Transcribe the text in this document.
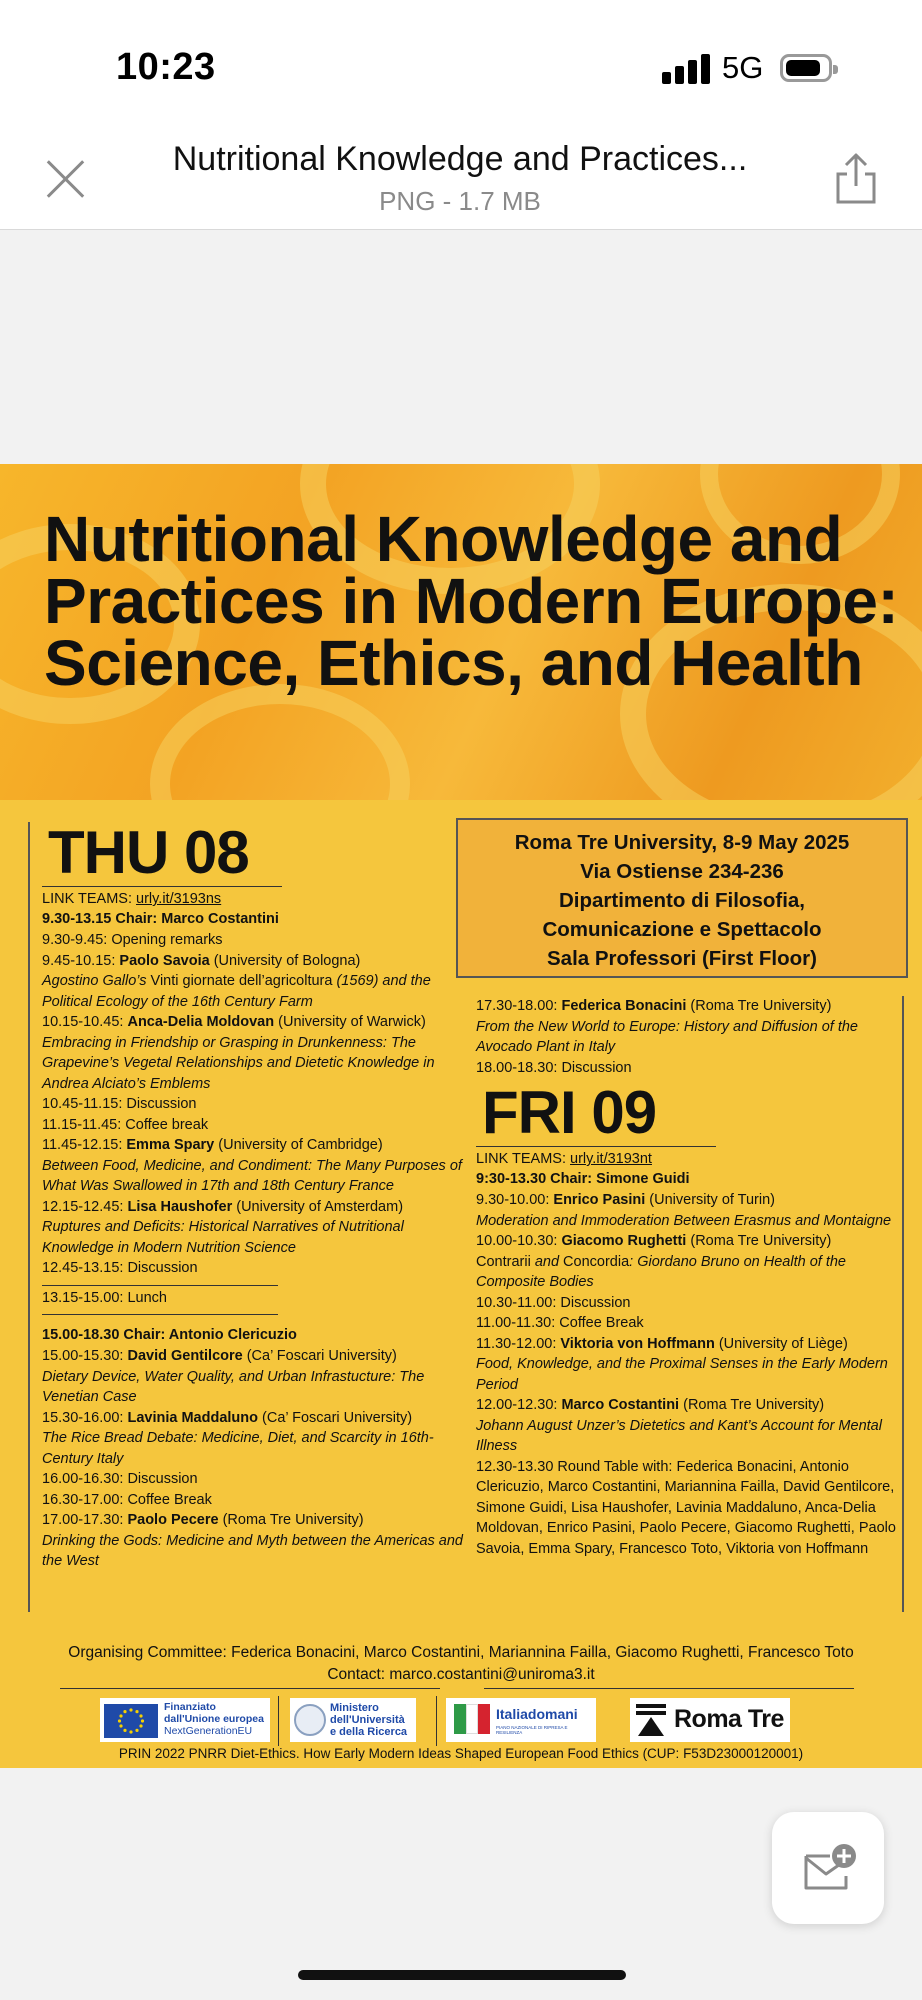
10:23	5G
Nutritional Knowledge and Practices...
PNG - 1.7 MB
Nutritional Knowledge and Practices in Modern Europe: Science, Ethics, and Health
THU 08
LINK TEAMS: urly.it/3193ns
9.30-13.15 Chair: Marco Costantini
9.30-9.45: Opening remarks
9.45-10.15: Paolo Savoia (University of Bologna)
Agostino Gallo’s Vinti giornate dell’agricoltura (1569) and the Political Ecology of the 16th Century Farm
10.15-10.45: Anca-Delia Moldovan (University of Warwick)
Embracing in Friendship or Grasping in Drunkenness: The Grapevine’s Vegetal Relationships and Dietetic Knowledge in Andrea Alciato’s Emblems
10.45-11.15: Discussion
11.15-11.45: Coffee break
11.45-12.15: Emma Spary (University of Cambridge)
Between Food, Medicine, and Condiment: The Many Purposes of What Was Swallowed in 17th and 18th Century France
12.15-12.45: Lisa Haushofer (University of Amsterdam)
Ruptures and Deficits: Historical Narratives of Nutritional Knowledge in Modern Nutrition Science
12.45-13.15: Discussion
13.15-15.00: Lunch
15.00-18.30 Chair: Antonio Clericuzio
15.00-15.30: David Gentilcore (Ca’ Foscari University)
Dietary Device, Water Quality, and Urban Infrastucture: The Venetian Case
15.30-16.00: Lavinia Maddaluno (Ca’ Foscari University)
The Rice Bread Debate: Medicine, Diet, and Scarcity in 16th-Century Italy
16.00-16.30: Discussion
16.30-17.00: Coffee Break
17.00-17.30: Paolo Pecere (Roma Tre University)
Drinking the Gods: Medicine and Myth between the Americas and the West
Roma Tre University, 8-9 May 2025
Via Ostiense 234-236
Dipartimento di Filosofia,
Comunicazione e Spettacolo
Sala Professori (First Floor)
17.30-18.00: Federica Bonacini (Roma Tre University)
From the New World to Europe: History and Diffusion of the Avocado Plant in Italy
18.00-18.30: Discussion
FRI 09
LINK TEAMS: urly.it/3193nt
9:30-13.30 Chair: Simone Guidi
9.30-10.00: Enrico Pasini (University of Turin)
Moderation and Immoderation Between Erasmus and Montaigne
10.00-10.30: Giacomo Rughetti (Roma Tre University)
Contrarii and Concordia: Giordano Bruno on Health of the Composite Bodies
10.30-11.00: Discussion
11.00-11.30: Coffee Break
11.30-12.00: Viktoria von Hoffmann (University of Liège)
Food, Knowledge, and the Proximal Senses in the Early Modern Period
12.00-12.30: Marco Costantini (Roma Tre University)
Johann August Unzer’s Dietetics and Kant’s Account for Mental Illness
12.30-13.30 Round Table with: Federica Bonacini, Antonio Clericuzio, Marco Costantini, Mariannina Failla, David Gentilcore, Simone Guidi, Lisa Haushofer, Lavinia Maddaluno, Anca-Delia Moldovan, Enrico Pasini, Paolo Pecere, Giacomo Rughetti, Paolo Savoia, Emma Spary, Francesco Toto, Viktoria von Hoffmann
Organising Committee: Federica Bonacini, Marco Costantini, Mariannina Failla, Giacomo Rughetti, Francesco Toto
Contact: marco.costantini@uniroma3.it
Finanziato
dall'Unione europea
NextGenerationEU
Ministero
dell'Università
e della Ricerca
Italiadomani
PIANO NAZIONALE DI RIPRESA E RESILIENZA	Roma Tre
PRIN 2022 PNRR Diet-Ethics. How Early Modern Ideas Shaped European Food Ethics (CUP: F53D23000120001)
